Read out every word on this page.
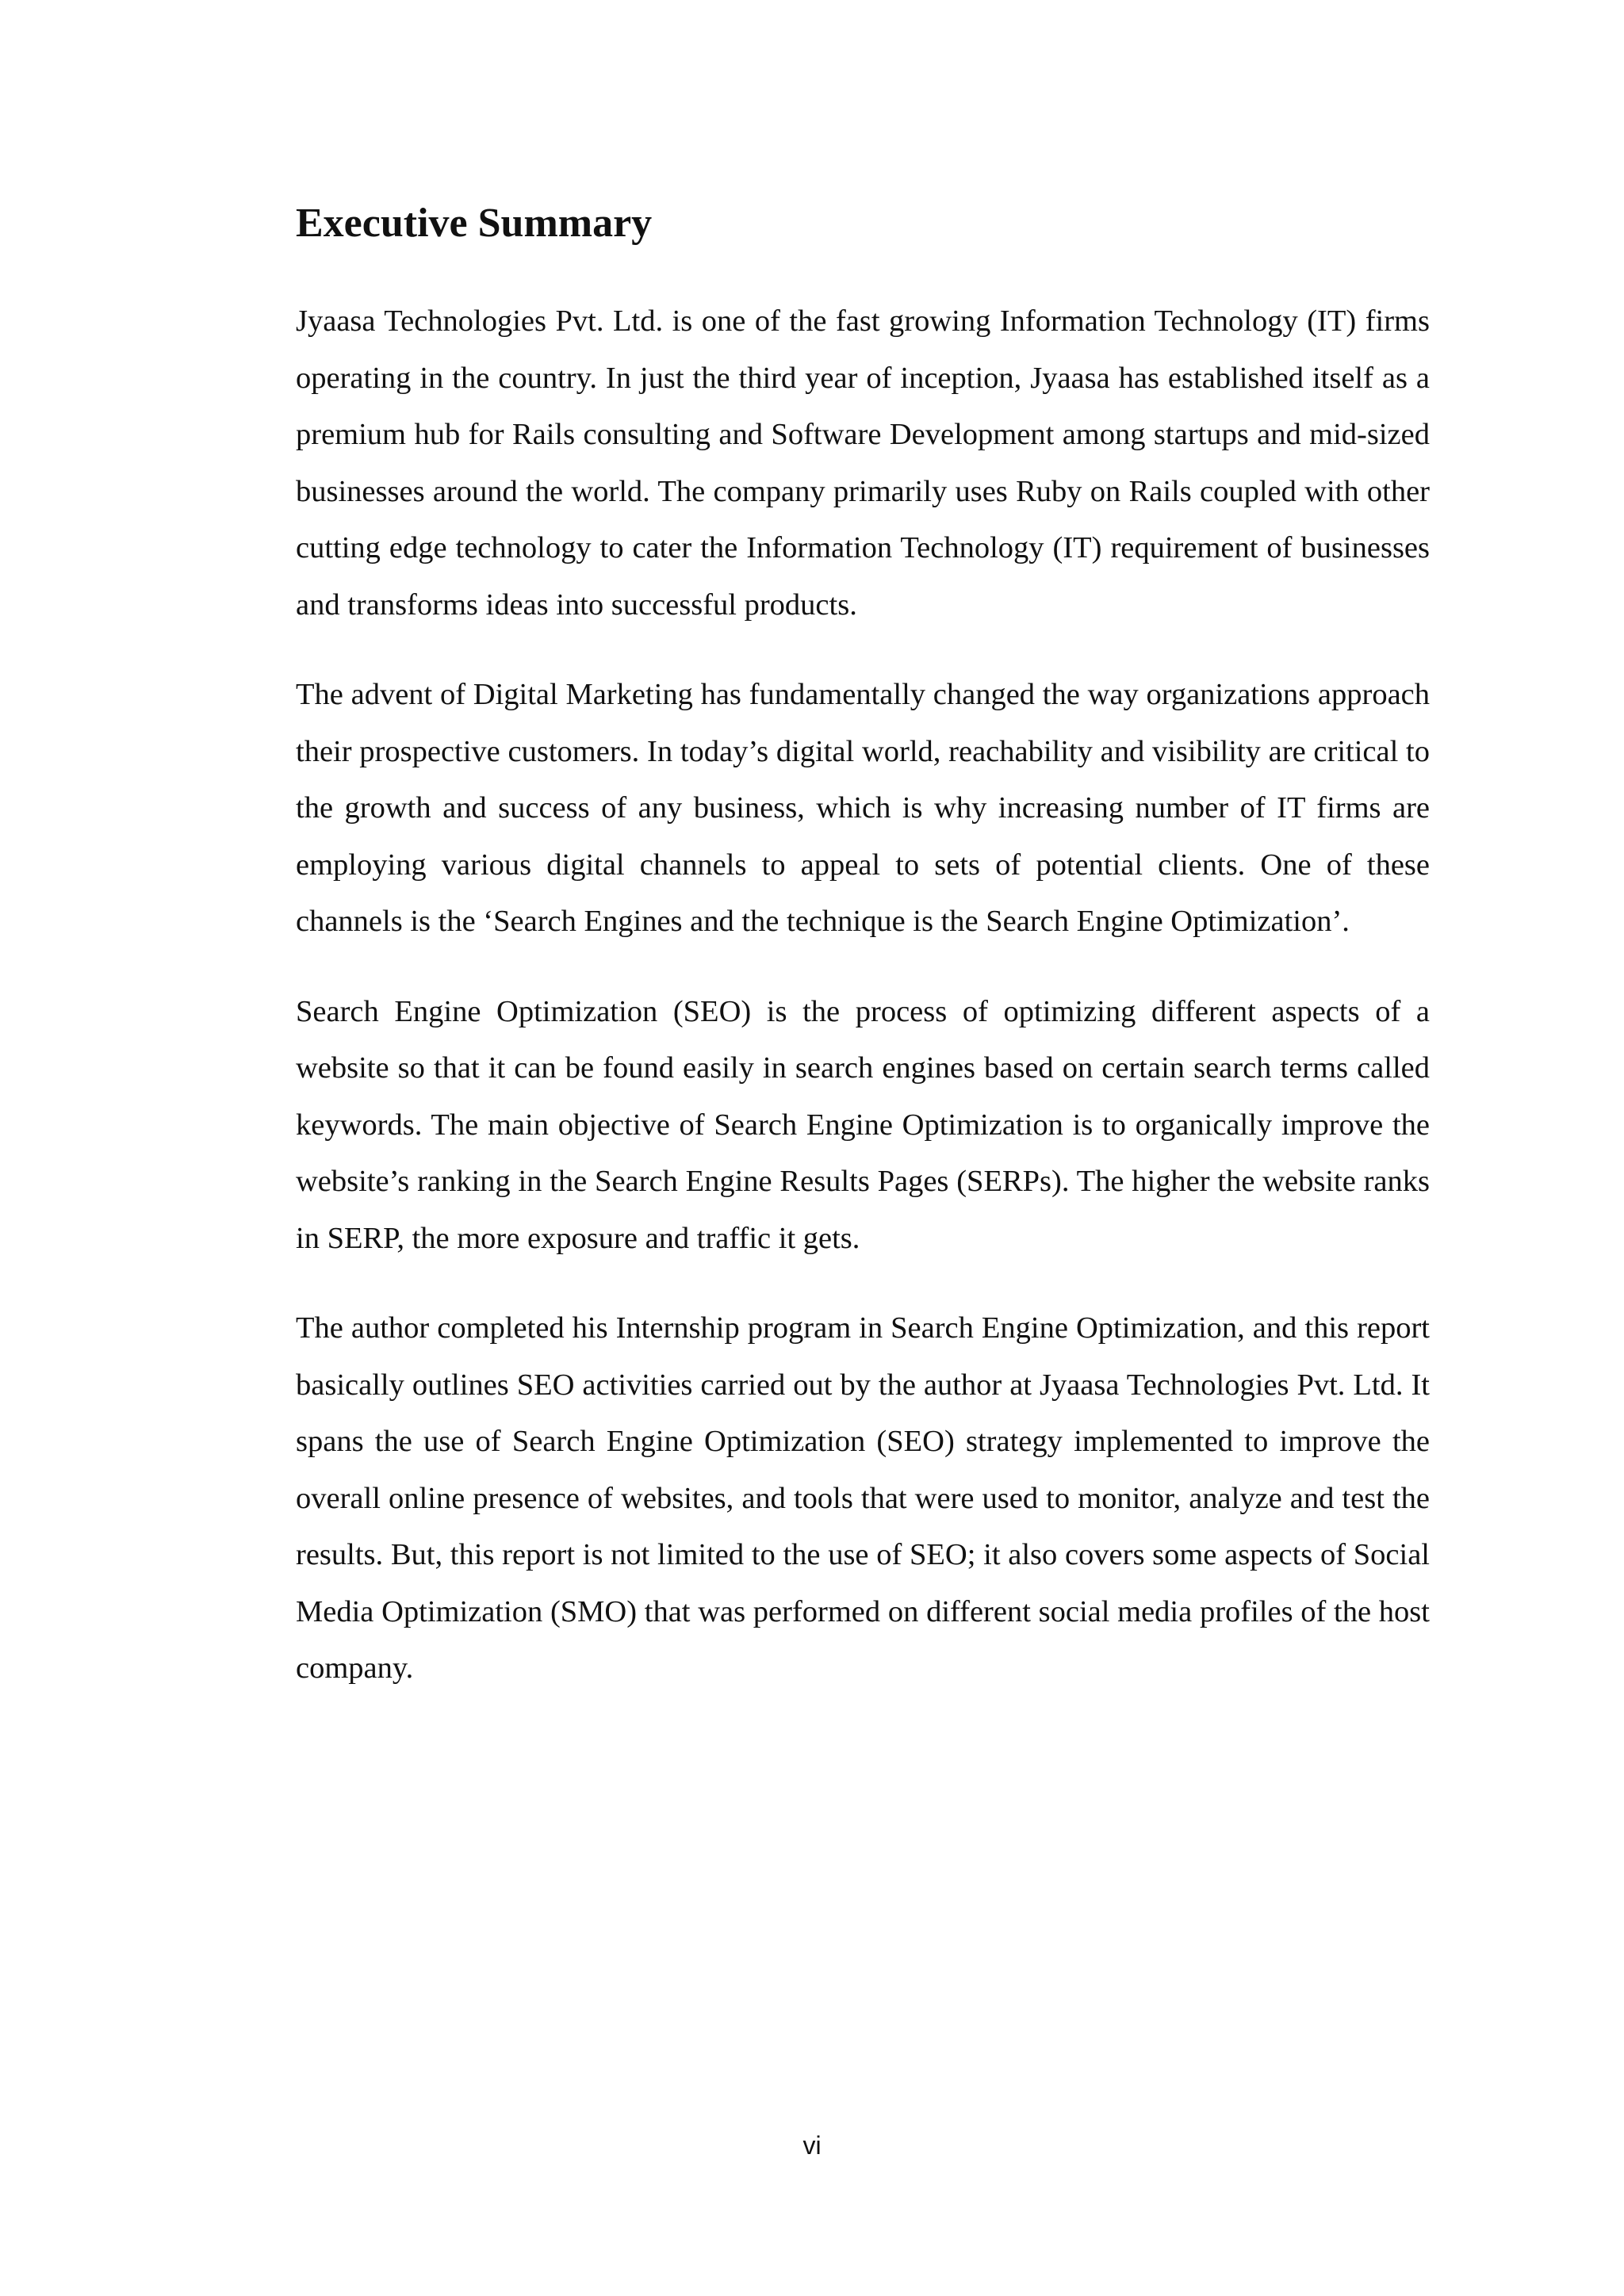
Executive Summary

Jyaasa Technologies Pvt. Ltd. is one of the fast growing Information Technology (IT) firms operating in the country. In just the third year of inception, Jyaasa has established itself as a premium hub for Rails consulting and Software Development among startups and mid-sized businesses around the world. The company primarily uses Ruby on Rails coupled with other cutting edge technology to cater the Information Technology (IT) requirement of businesses and transforms ideas into successful products.

The advent of Digital Marketing has fundamentally changed the way organizations approach their prospective customers. In today’s digital world, reachability and visibility are critical to the growth and success of any business, which is why increasing number of IT firms are employing various digital channels to appeal to sets of potential clients. One of these channels is the ‘Search Engines and the technique is the Search Engine Optimization’.

Search Engine Optimization (SEO) is the process of optimizing different aspects of a website so that it can be found easily in search engines based on certain search terms called keywords. The main objective of Search Engine Optimization is to organically improve the website’s ranking in the Search Engine Results Pages (SERPs). The higher the website ranks in SERP, the more exposure and traffic it gets.

The author completed his Internship program in Search Engine Optimization, and this report basically outlines SEO activities carried out by the author at Jyaasa Technologies Pvt. Ltd. It spans the use of Search Engine Optimization (SEO) strategy implemented to improve the overall online presence of websites, and tools that were used to monitor, analyze and test the results. But, this report is not limited to the use of SEO; it also covers some aspects of Social Media Optimization (SMO) that was performed on different social media profiles of the host company.

vi
